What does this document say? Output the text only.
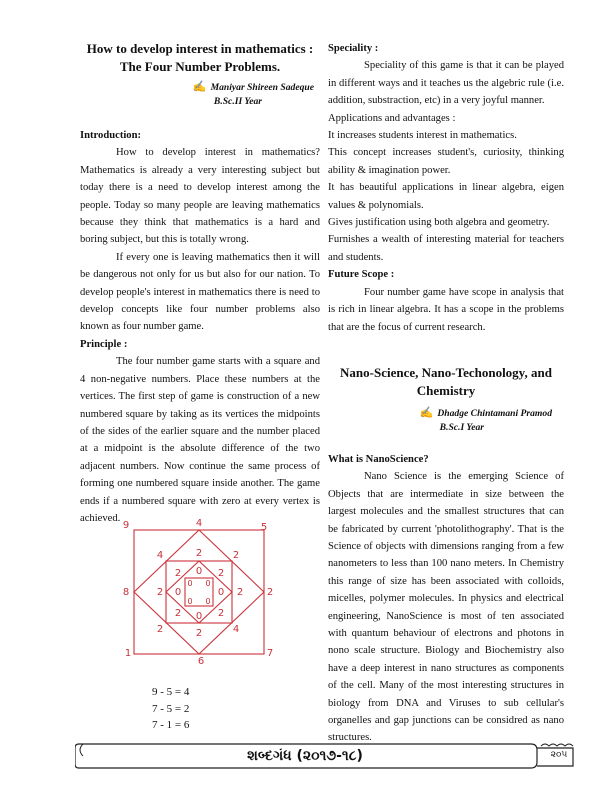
How to develop interest in mathematics : The Four Number Problems.

✍ Maniyar Shireen Sadeque

B.Sc.II Year

Introduction:

How to develop interest in mathematics? Mathematics is already a very interesting subject but today there is a need to develop interest among the people. Today so many people are leaving mathematics because they think that mathematics is a hard and boring subject, but this is totally wrong.

If every one is leaving mathematics then it will be dangerous not only for us but also for our nation. To develop people's interest in mathematics there is need to develop concepts like four number problems also known as four number game.

Principle :

The four number game starts with a square and 4 non-negative numbers. Place these numbers at the vertices. The first step of game is construction of a new numbered square by taking as its vertices the midpoints of the sides of the earlier square and the number placed at a midpoint is the absolute difference of the two adjacent numbers. Now continue the same process of forming one numbered square inside another. The game ends if a numbered square with zero at every vertex is achieved.

9	4	5
8	2
1
6
7
4	2	2
2	2
2	2	4
2 0 2
0	0
2 0 2
0 0
0 0
9 - 5 = 4
7 - 5 = 2
7 - 1 = 6

Speciality :

Speciality of this game is that it can be played in different ways and it teaches us the algebric rule (i.e. addition, substraction, etc) in a very joyful manner.

Applications and advantages :

It increases students interest in mathematics.

This concept increases student's, curiosity, thinking ability & imagination power.

It has beautiful applications in linear algebra, eigen values & polynomials.

Gives justification using both algebra and geometry.

Furnishes a wealth of interesting material for teachers and students.

Future Scope :

Four number game have scope in analysis that is rich in linear algebra. It has a scope in the problems that are the focus of current research.

Nano-Science, Nano-Techonology, and Chemistry

✍ Dhadge Chintamani Pramod

B.Sc.I Year

What is NanoScience?

Nano Science is the emerging Science of Objects that are intermediate in size between the largest molecules and the smallest structures that can be fabricated by current 'photolithography'. That is the Science of objects with dimensions ranging from a few nanometers to less than 100 nano meters. In Chemistry this range of size has been associated with colloids, micelles, polymer molecules. In physics and electrical engineering, NanoScience is most of ten associated with quantum behaviour of electrons and photons in nono scale structure. Biology and Biochemistry also have a deep interest in nano structures as components of the cell. Many of the most interesting structures in biology from DNA and Viruses to sub cellular's organelles and gap junctions can be considred as nano structures.

શબ્દગંધ (૨૦૧૭-૧૮)	૨૦૫
